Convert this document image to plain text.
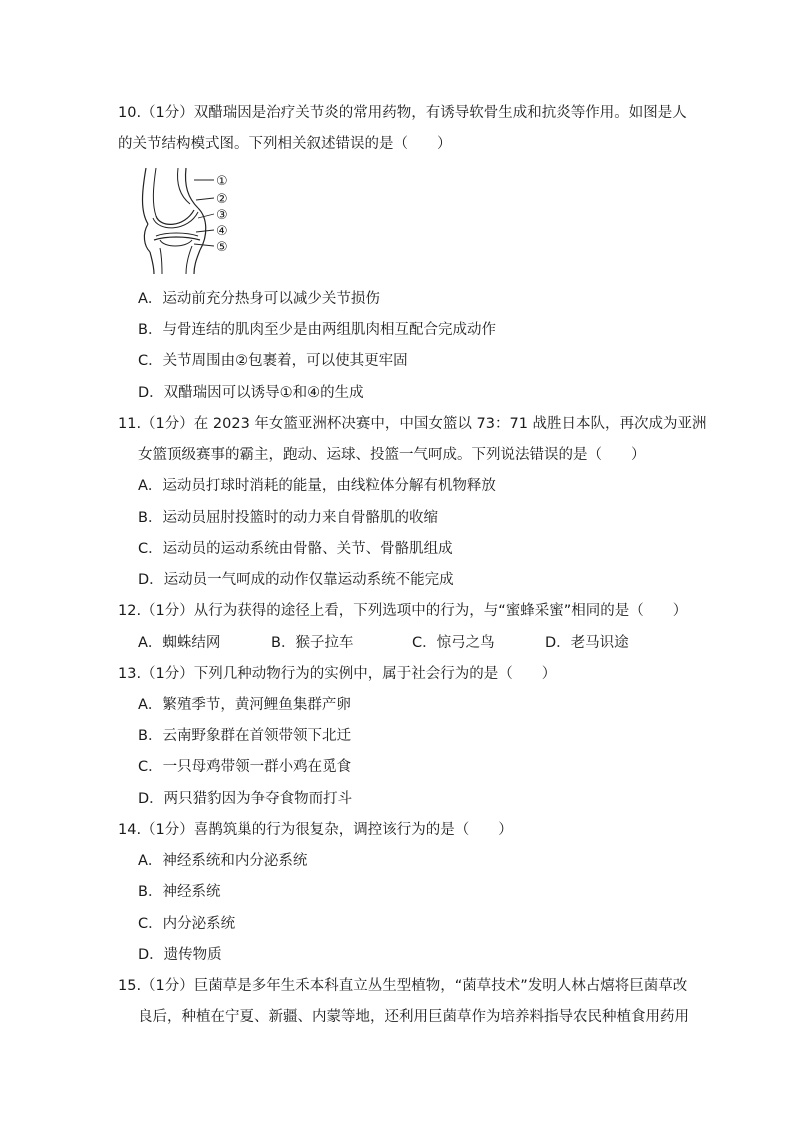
10.（1分）双醋瑞因是治疗关节炎的常用药物，有诱导软骨生成和抗炎等作用。如图是人
的关节结构模式图。下列相关叙述错误的是（　　）
①
②
③
④
⑤
A．运动前充分热身可以减少关节损伤
B．与骨连结的肌肉至少是由两组肌肉相互配合完成动作
C．关节周围由②包裹着，可以使其更牢固
D．双醋瑞因可以诱导①和④的生成
11.（1分）在 2023 年女篮亚洲杯决赛中，中国女篮以 73：71 战胜日本队，再次成为亚洲
女篮顶级赛事的霸主，跑动、运球、投篮一气呵成。下列说法错误的是（　　）
A．运动员打球时消耗的能量，由线粒体分解有机物释放
B．运动员屈肘投篮时的动力来自骨骼肌的收缩
C．运动员的运动系统由骨骼、关节、骨骼肌组成
D．运动员一气呵成的动作仅靠运动系统不能完成
12.（1分）从行为获得的途径上看，下列选项中的行为，与“蜜蜂采蜜”相同的是（　　）
A．蜘蛛结网	B．猴子拉车	C．惊弓之鸟	D．老马识途
13.（1分）下列几种动物行为的实例中，属于社会行为的是（　　）
A．繁殖季节，黄河鲤鱼集群产卵
B．云南野象群在首领带领下北迁
C．一只母鸡带领一群小鸡在觅食
D．两只猎豹因为争夺食物而打斗
14.（1分）喜鹊筑巢的行为很复杂，调控该行为的是（　　）
A．神经系统和内分泌系统
B．神经系统
C．内分泌系统
D．遗传物质
15.（1分）巨菌草是多年生禾本科直立丛生型植物，“菌草技术”发明人林占熺将巨菌草改
良后，种植在宁夏、新疆、内蒙等地，还利用巨菌草作为培养料指导农民种植食用药用
